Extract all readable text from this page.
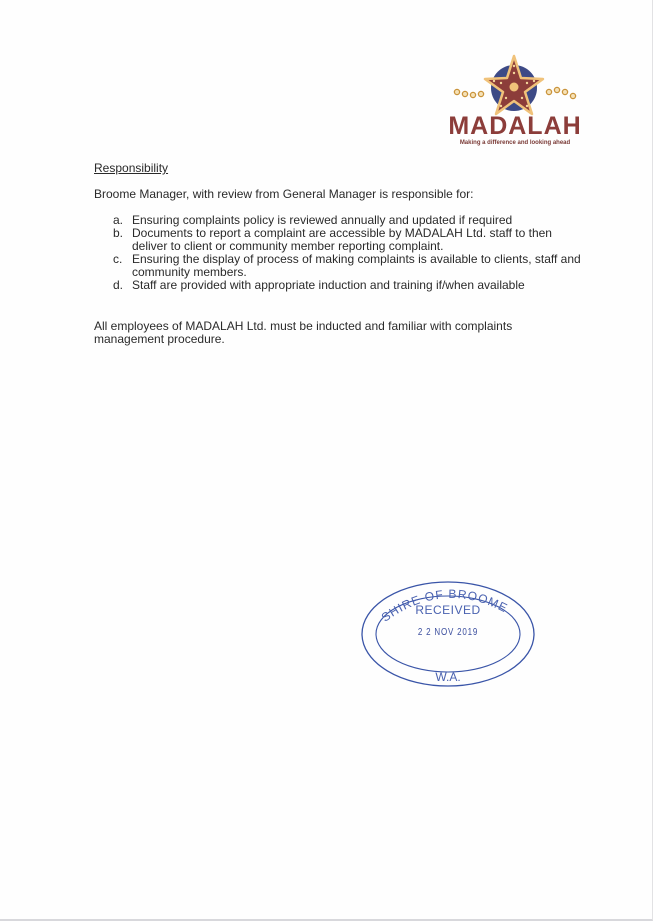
MADALAH
Making a difference and looking ahead
Responsibility
Broome Manager, with review from General Manager is responsible for:
a. Ensuring complaints policy is reviewed annually and updated if required
b. Documents to report a complaint are accessible by MADALAH Ltd. staff to then deliver to client or community member reporting complaint.
c. Ensuring the display of process of making complaints is available to clients, staff and community members.
d. Staff are provided with appropriate induction and training if/when available
All employees of MADALAH Ltd. must be inducted and familiar with complaints management procedure.
SHIRE OF BROOME
RECEIVED
2 2 NOV 2019
W.A.
